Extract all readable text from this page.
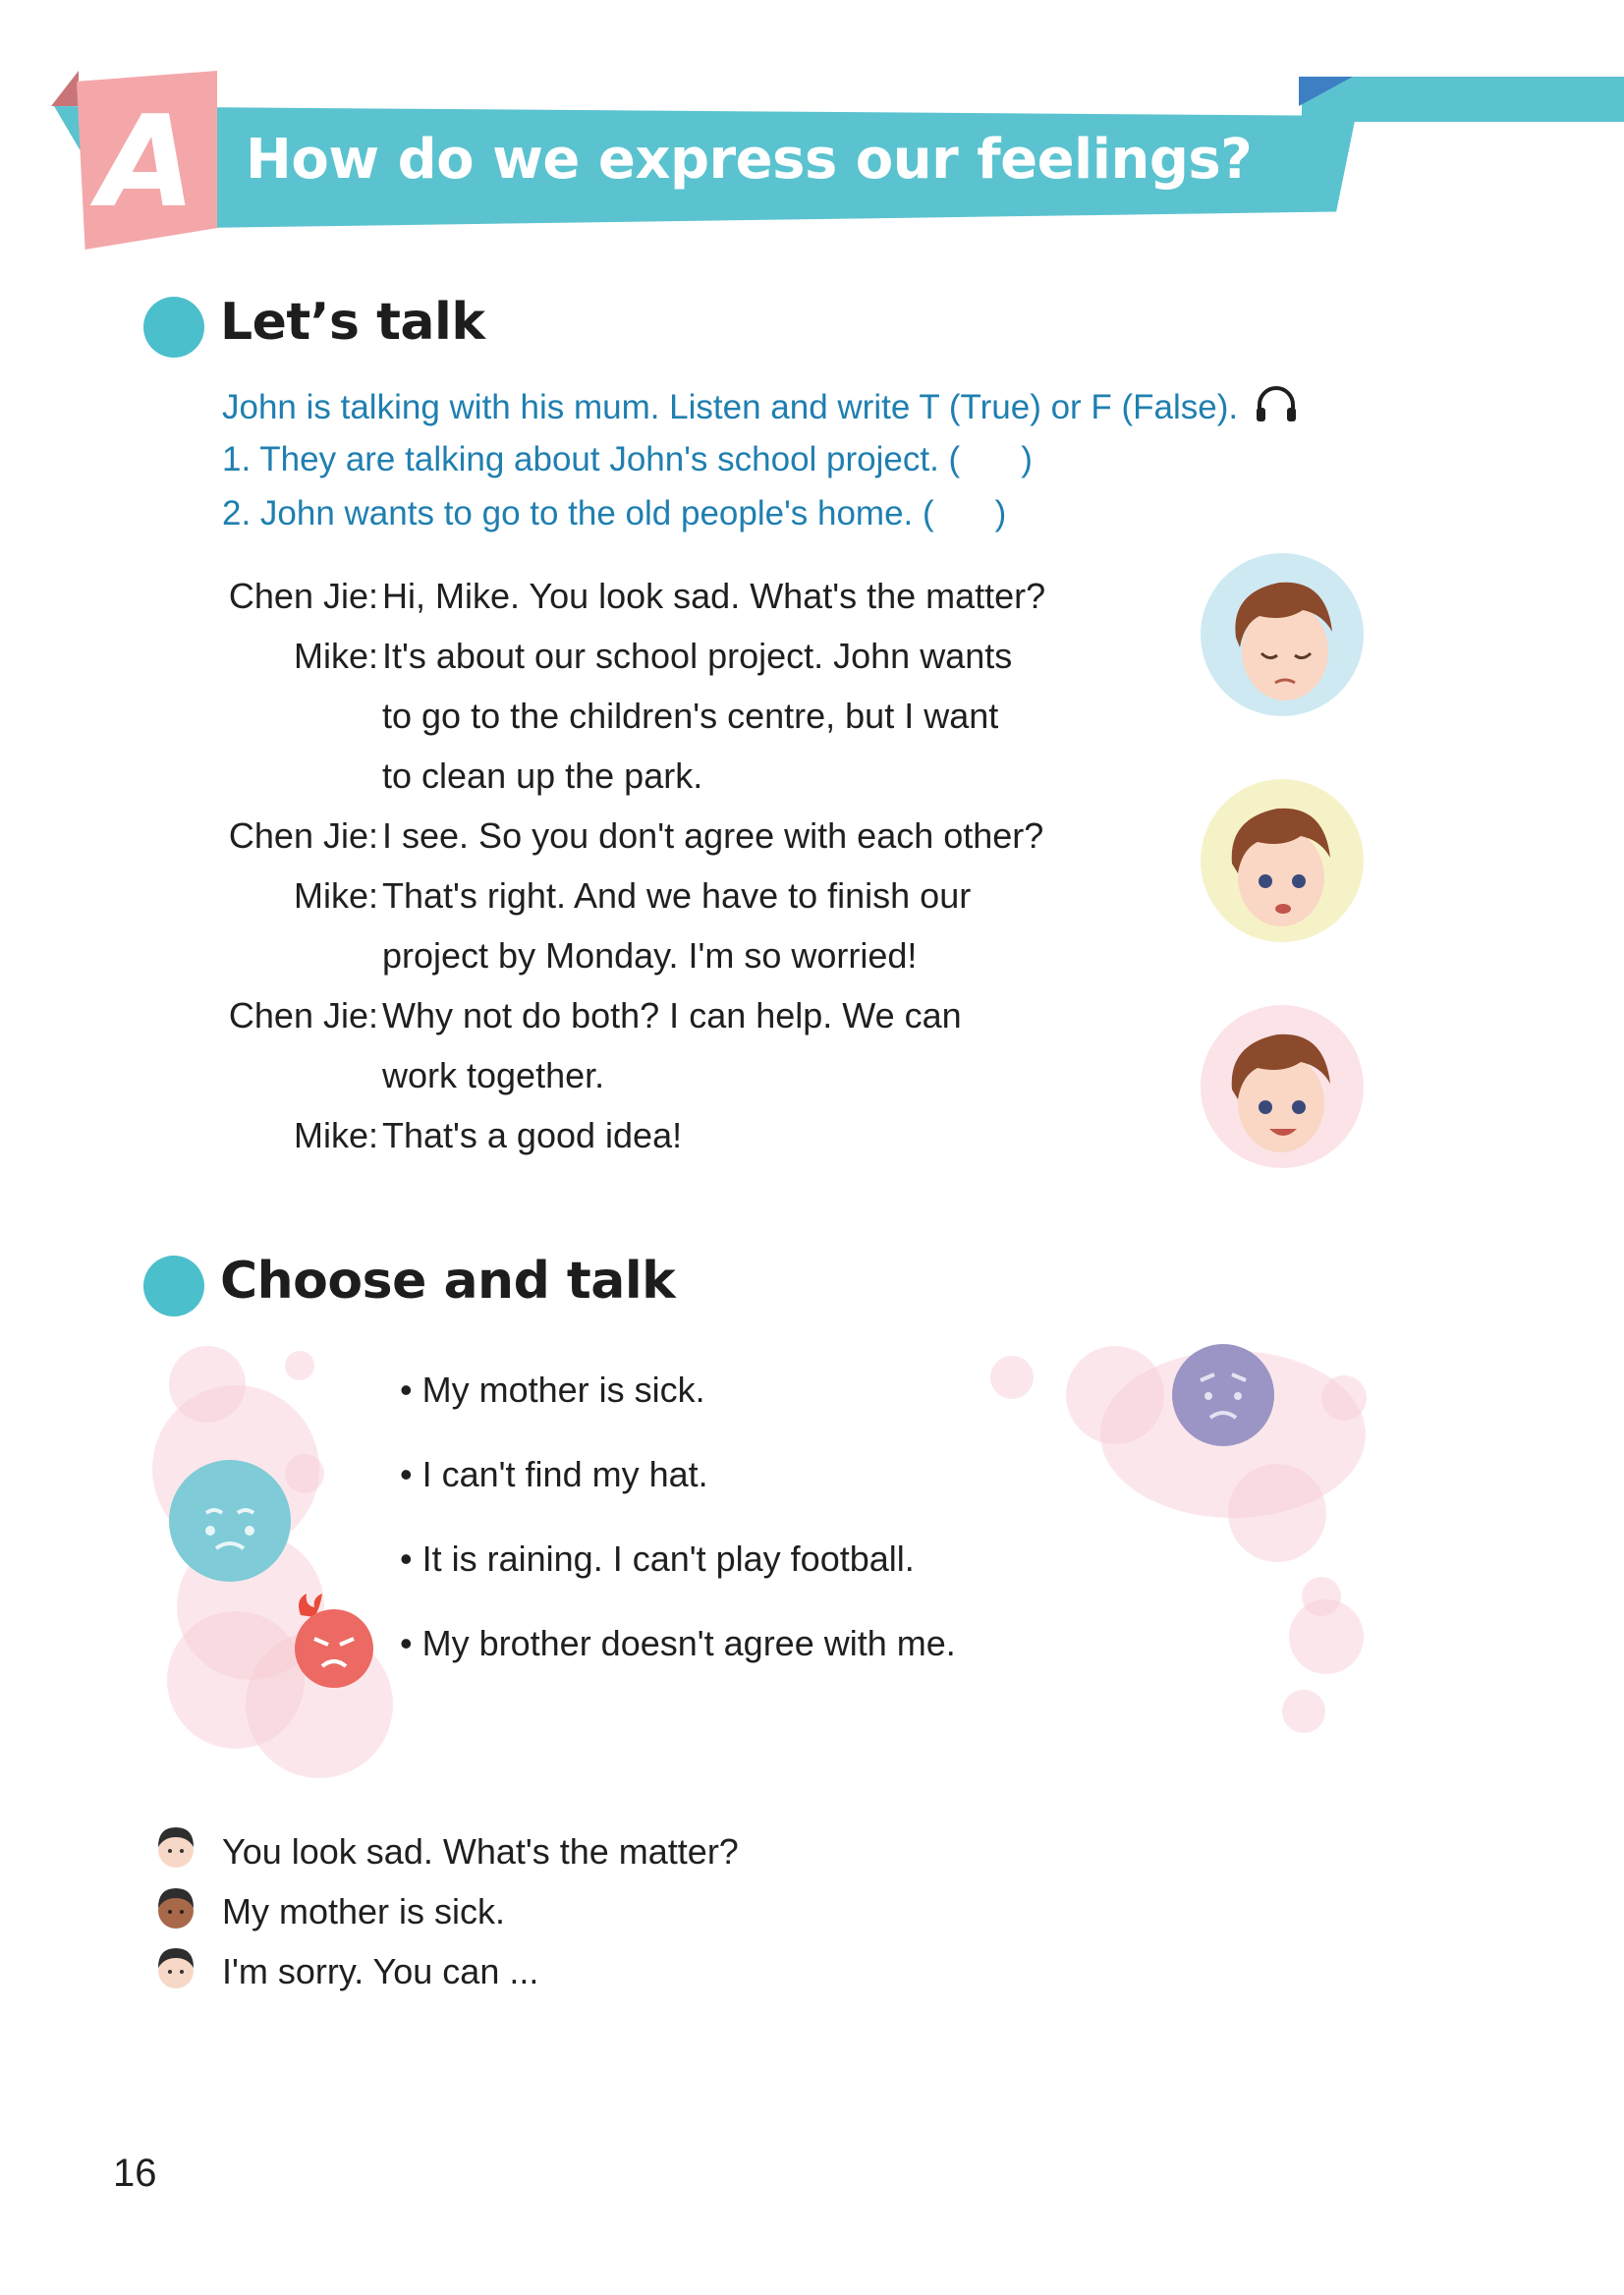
A How do we express our feelings?
Let’s talk
John is talking with his mum. Listen and write T (True) or F (False).
1. They are talking about John's school project. ( )
2. John wants to go to the old people's home. ( )
Chen Jie: Hi, Mike. You look sad. What's the matter?
Mike: It's about our school project. John wants
to go to the children's centre, but I want
to clean up the park.
Chen Jie: I see. So you don't agree with each other?
Mike: That's right. And we have to finish our
project by Monday. I'm so worried!
Chen Jie: Why not do both? I can help. We can
work together.
Mike: That's a good idea!
Choose and talk
• My mother is sick.
• I can't find my hat.
• It is raining. I can't play football.
• My brother doesn't agree with me.
You look sad. What's the matter?
My mother is sick.
I'm sorry. You can ...
16
